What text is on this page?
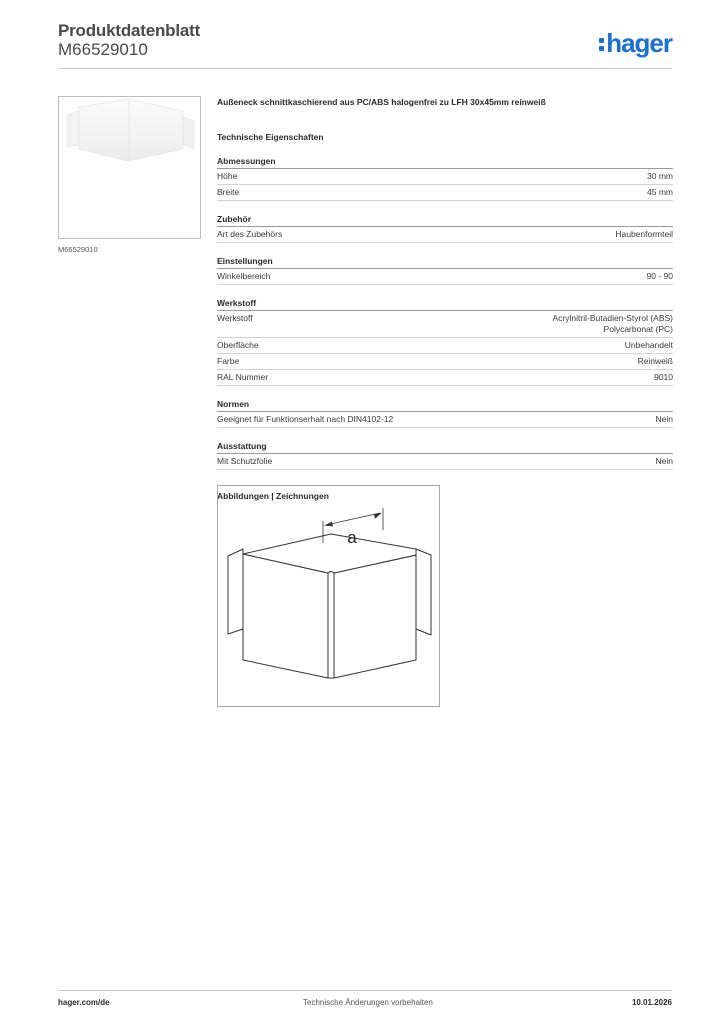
Produktdatenblatt
M66529010	hager
M66529010
Außeneck schnittkaschierend aus PC/ABS halogenfrei zu LFH 30x45mm reinweiß
Technische Eigenschaften
Abmessungen
Höhe	30 mm
Breite	45 mm
Zubehör
Art des Zubehörs	Haubenformteil
Einstellungen
Winkelbereich	90 - 90
Werkstoff
Werkstoff	Acrylnitril-Butadien-Styrol (ABS)
Polycarbonat (PC)
Oberfläche	Unbehandelt
Farbe	Reinweiß
RAL Nummer	9010
Normen
Geeignet für Funktionserhalt nach DIN4102-12	Nein
Ausstattung
Mit Schutzfolie	Nein
Abbildungen | Zeichnungen
a
hager.com/de	Technische Änderungen vorbehalten	10.01.2026
